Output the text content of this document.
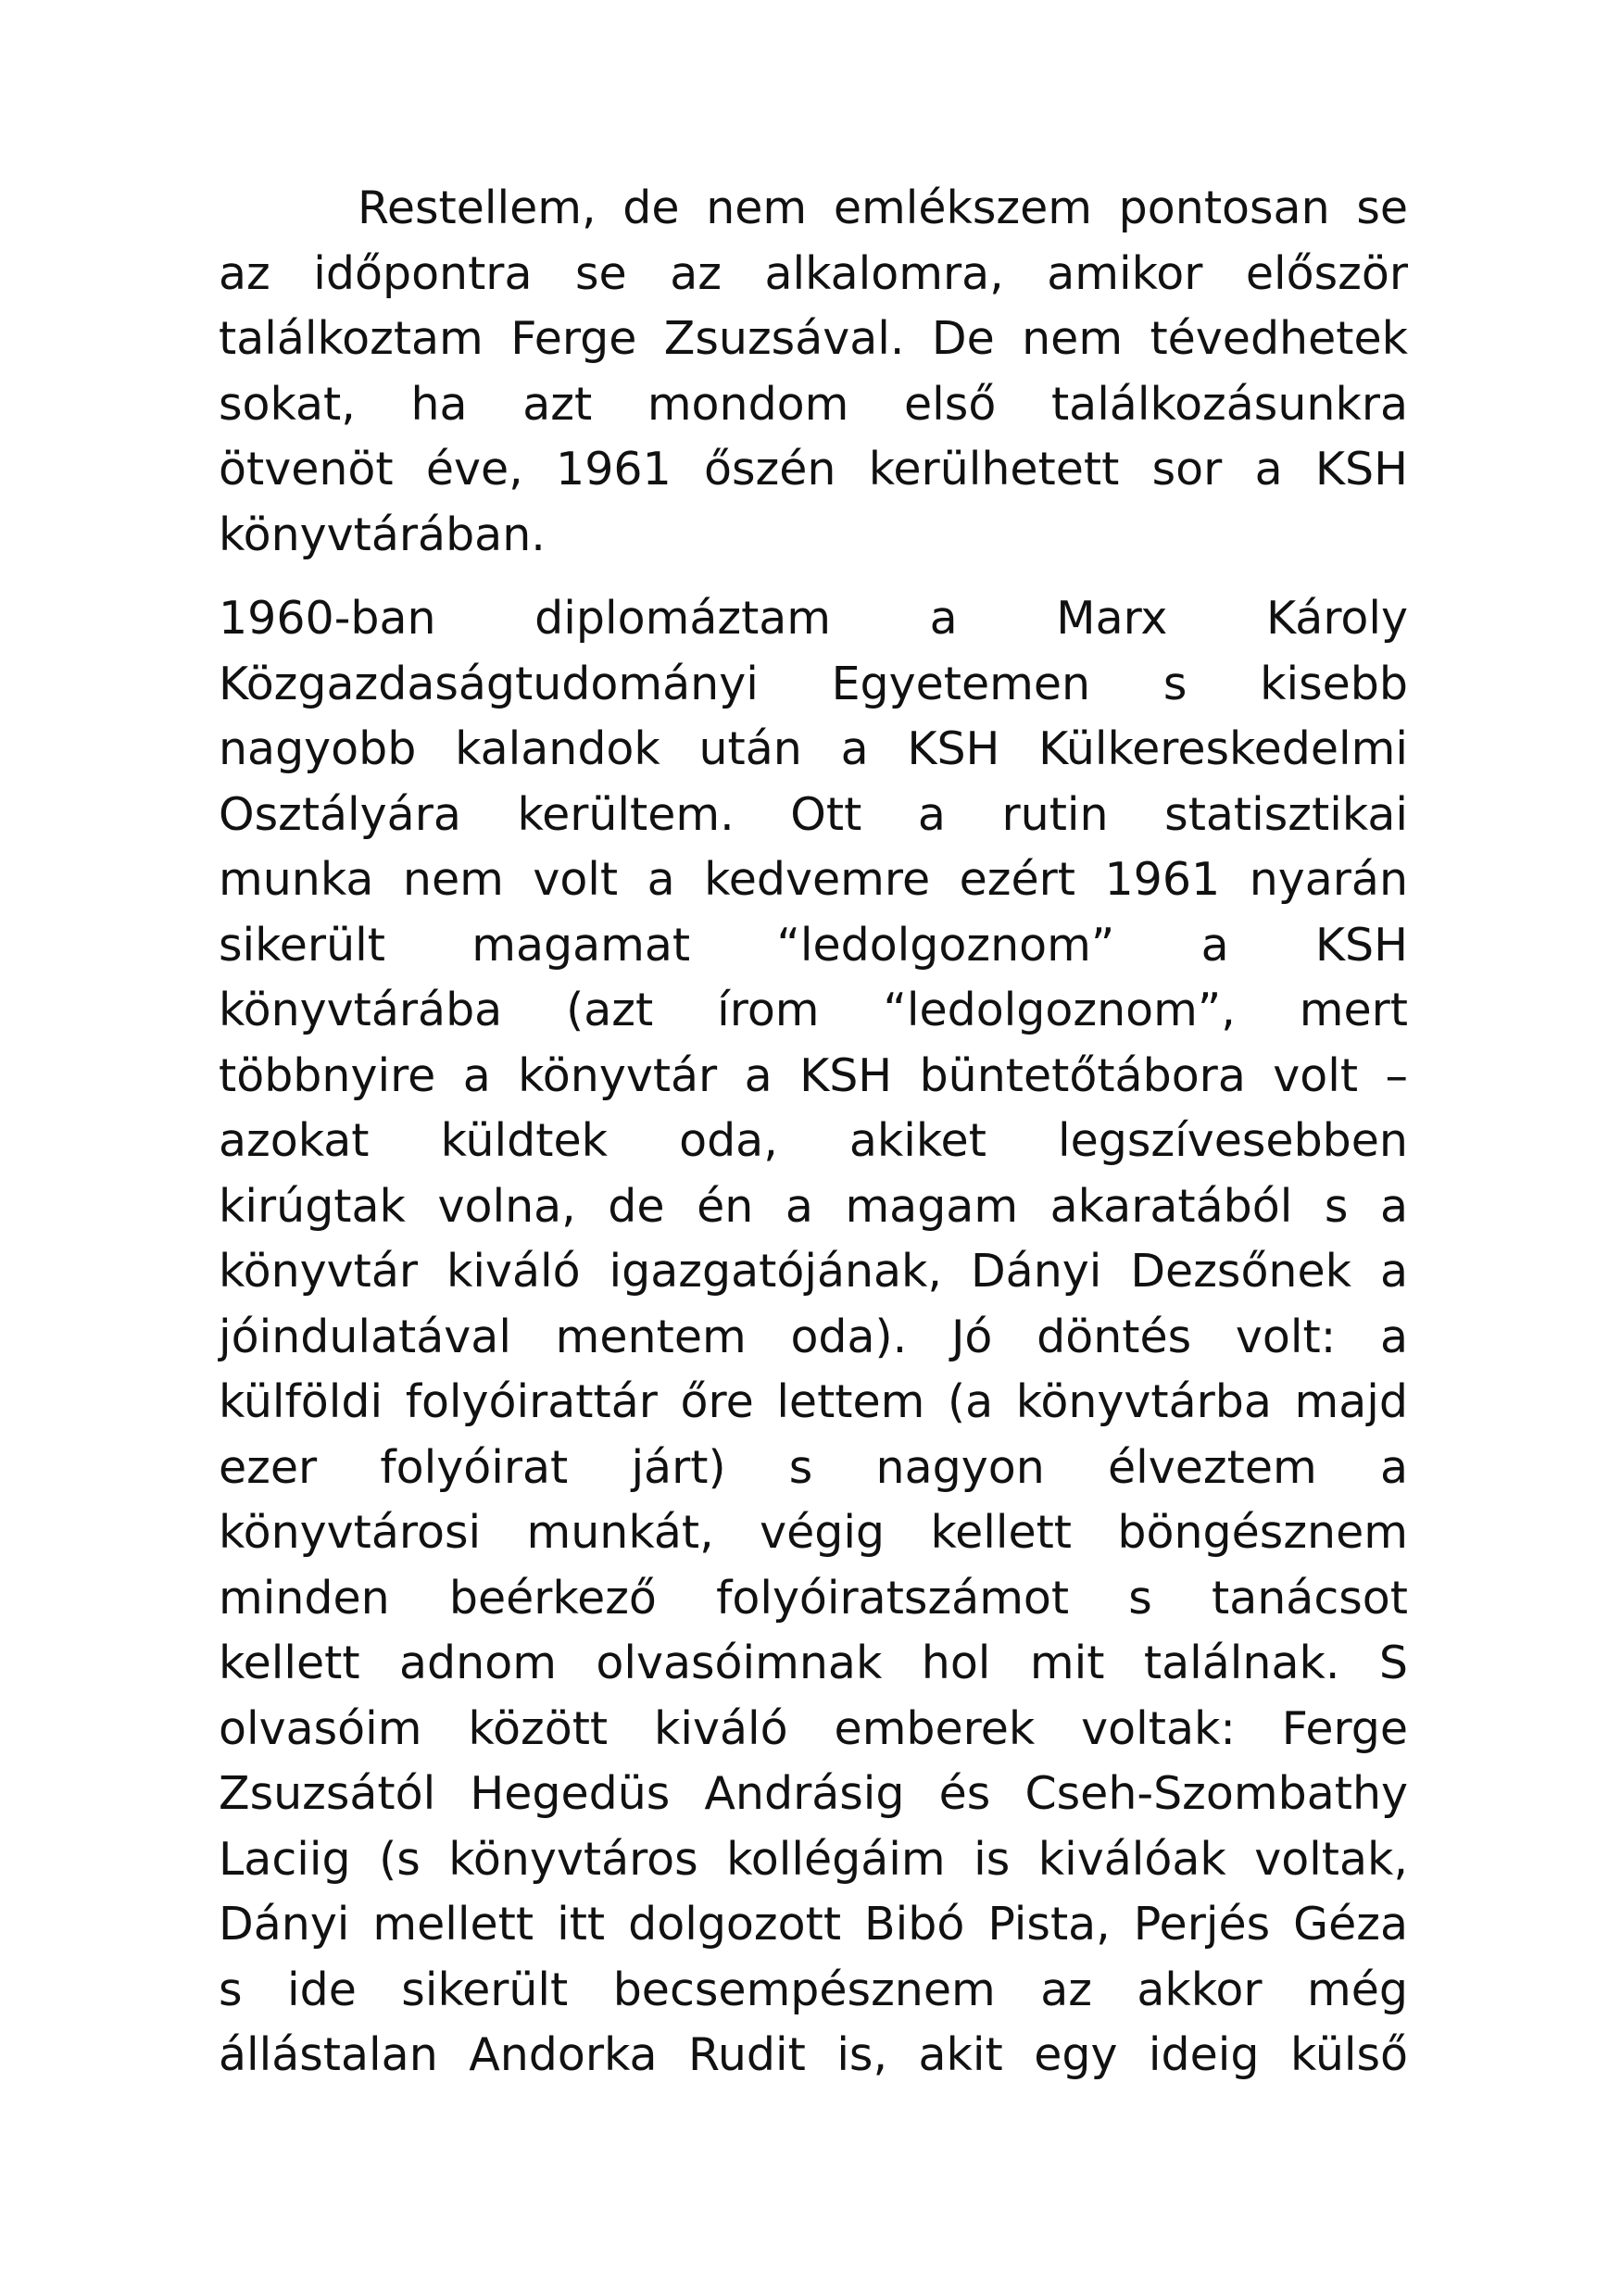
Restellem, de nem emlékszem pontosan se
az időpontra se az alkalomra, amikor először
találkoztam Ferge Zsuzsával. De nem tévedhetek
sokat, ha azt mondom első találkozásunkra
ötvenöt éve, 1961 őszén kerülhetett sor a KSH
könyvtárában.
1960-ban diplomáztam a Marx Károly
Közgazdaságtudományi Egyetemen s kisebb
nagyobb kalandok után a KSH Külkereskedelmi
Osztályára kerültem. Ott a rutin statisztikai
munka nem volt a kedvemre ezért 1961 nyarán
sikerült magamat “ledolgoznom” a KSH
könyvtárába (azt írom “ledolgoznom”, mert
többnyire a könyvtár a KSH büntetőtábora volt –
azokat küldtek oda, akiket legszívesebben
kirúgtak volna, de én a magam akaratából s a
könyvtár kiváló igazgatójának, Dányi Dezsőnek a
jóindulatával mentem oda). Jó döntés volt: a
külföldi folyóirattár őre lettem (a könyvtárba majd
ezer folyóirat járt) s nagyon élveztem a
könyvtárosi munkát, végig kellett böngésznem
minden beérkező folyóiratszámot s tanácsot
kellett adnom olvasóimnak hol mit találnak. S
olvasóim között kiváló emberek voltak: Ferge
Zsuzsától Hegedüs Andrásig és Cseh-Szombathy
Laciig (s könyvtáros kollégáim is kiválóak voltak,
Dányi mellett itt dolgozott Bibó Pista, Perjés Géza
s ide sikerült becsempésznem az akkor még
állástalan Andorka Rudit is, akit egy ideig külső
